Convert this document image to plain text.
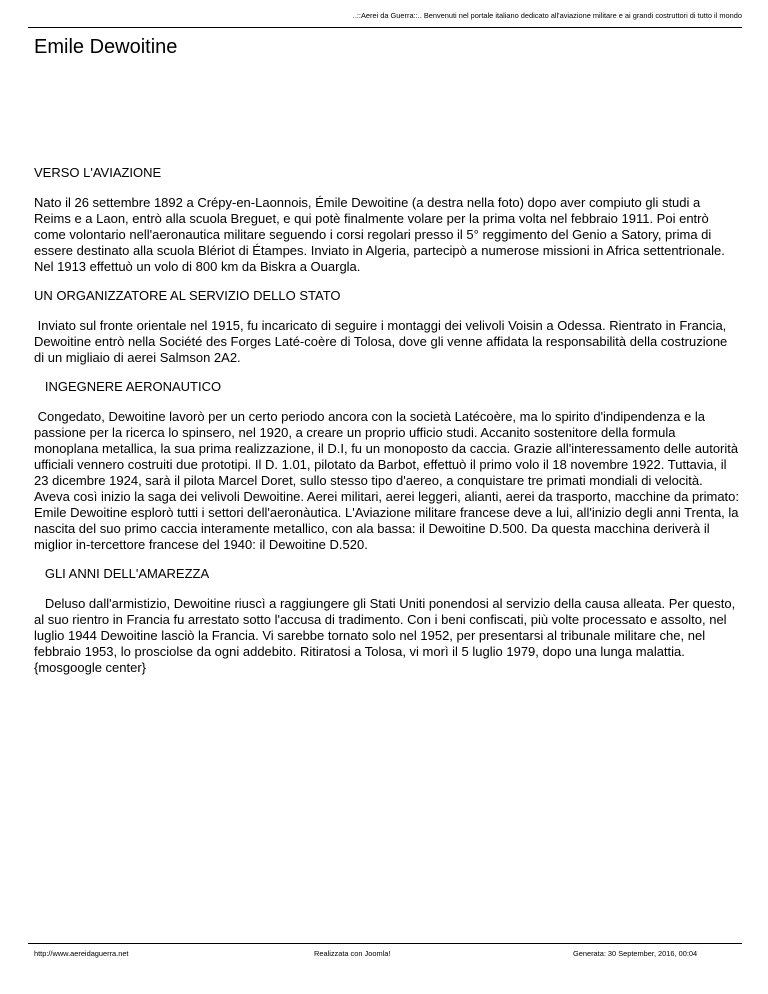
..::Aerei da Guerra::.. Benvenuti nel portale italiano dedicato all'aviazione militare e ai grandi costruttori di tutto il mondo
Emile Dewoitine
VERSO L'AVIAZIONE

Nato il 26 settembre 1892 a Crépy-en-Laonnois, Émile Dewoitine (a destra nella foto) dopo aver compiuto gli studi a Reims e a Laon, entrò alla scuola Breguet, e qui potè finalmente volare per la prima volta nel febbraio 1911. Poi entrò come volontario nell'aeronautica militare seguendo i corsi regolari presso il 5° reggimento del Genio a Satory, prima di essere destinato alla scuola Blériot di Étampes. Inviato in Algeria, partecipò a numerose missioni in Africa settentrionale. Nel 1913 effettuò un volo di 800 km da Biskra a Ouargla.

UN ORGANIZZATORE AL SERVIZIO DELLO STATO

Inviato sul fronte orientale nel 1915, fu incaricato di seguire i montaggi dei velivoli Voisin a Odessa. Rientrato in Francia, Dewoitine entrò nella Société des Forges Laté-coère di Tolosa, dove gli venne affidata la responsabilità della costruzione di un migliaio di aerei Salmson 2A2.

INGEGNERE AERONAUTICO

Congedato, Dewoitine lavorò per un certo periodo ancora con la società Latécoère, ma lo spirito d'indipendenza e la passione per la ricerca lo spinsero, nel 1920, a creare un proprio ufficio studi. Accanito sostenitore della formula monoplana metallica, la sua prima realizzazione, il D.I, fu un monoposto da caccia. Grazie all'interessamento delle autorità ufficiali vennero costruiti due prototipi. Il D. 1.01, pilotato da Barbot, effettuò il primo volo il 18 novembre 1922. Tuttavia, il 23 dicembre 1924, sarà il pilota Marcel Doret, sullo stesso tipo d'aereo, a conquistare tre primati mondiali di velocità. Aveva così inizio la saga dei velivoli Dewoitine. Aerei militari, aerei leggeri, alianti, aerei da trasporto, macchine da primato: Emile Dewoitine esplorò tutti i settori dell'aeronàutica. L'Aviazione militare francese deve a lui, all'inizio degli anni Trenta, la nascita del suo primo caccia interamente metallico, con ala bassa: il Dewoitine D.500. Da questa macchina deriverà il miglior in-tercettore francese del 1940: il Dewoitine D.520.

GLI ANNI DELL'AMAREZZA

Deluso dall'armistizio, Dewoitine riuscì a raggiungere gli Stati Uniti ponendosi al servizio della causa alleata. Per questo, al suo rientro in Francia fu arrestato sotto l'accusa di tradimento. Con i beni confiscati, più volte processato e assolto, nel luglio 1944 Dewoitine lasciò la Francia. Vi sarebbe tornato solo nel 1952, per presentarsi al tribunale militare che, nel febbraio 1953, lo prosciolse da ogni addebito. Ritiratosi a Tolosa, vi morì il 5 luglio 1979, dopo una lunga malattia.{mosgoogle center}

http://www.aereidaguerra.net	Realizzata con Joomla!	Generata: 30 September, 2016, 00:04
